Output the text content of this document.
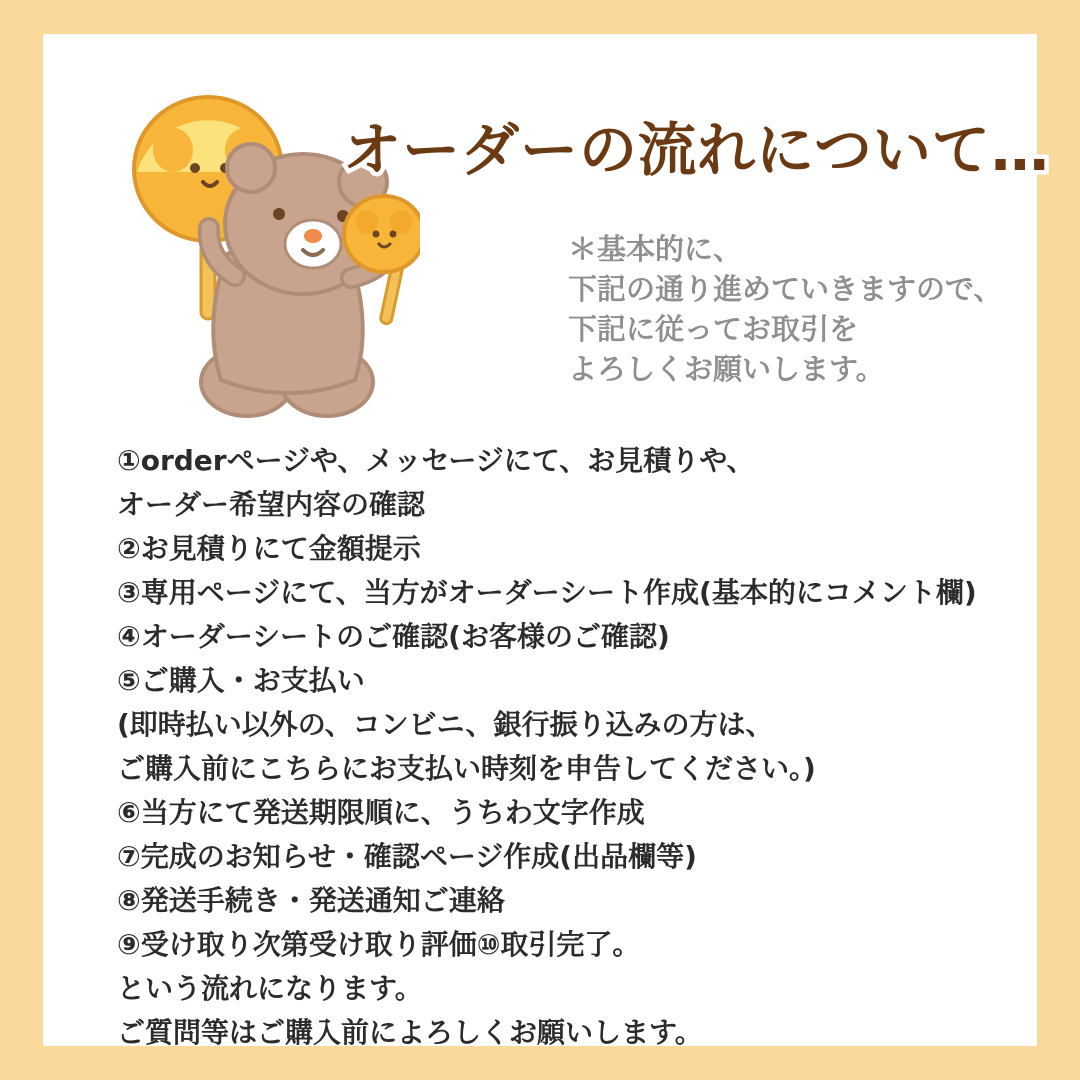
オーダーの流れについて…
＊基本的に、
下記の通り進めていきますので、
下記に従ってお取引を
よろしくお願いします。
①orderページや、メッセージにて、お見積りや、
オーダー希望内容の確認
②お見積りにて金額提示
③専用ページにて、当方がオーダーシート作成(基本的にコメント欄)
④オーダーシートのご確認(お客様のご確認)
⑤ご購入・お支払い
(即時払い以外の、コンビニ、銀行振り込みの方は、
ご購入前にこちらにお支払い時刻を申告してください。)
⑥当方にて発送期限順に、うちわ文字作成
⑦完成のお知らせ・確認ページ作成(出品欄等)
⑧発送手続き・発送通知ご連絡
⑨受け取り次第受け取り評価⑩取引完了。
という流れになります。
ご質問等はご購入前によろしくお願いします。
